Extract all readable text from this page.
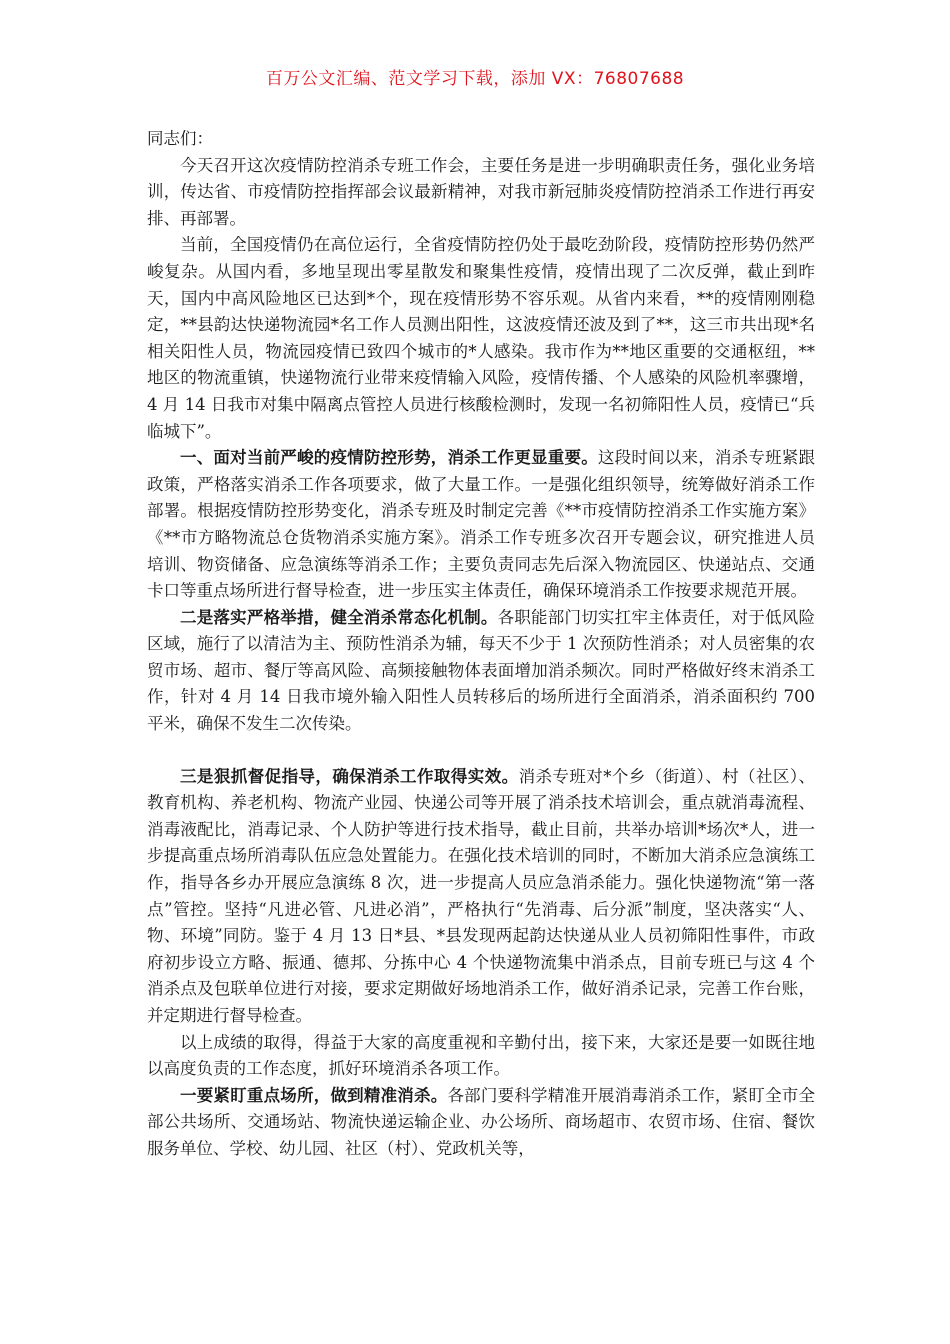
百万公文汇编、范文学习下载，添加 VX：76807688

同志们：

今天召开这次疫情防控消杀专班工作会，主要任务是进一步明确职责任务，强化业务培训，传达省、市疫情防控指挥部会议最新精神，对我市新冠肺炎疫情防控消杀工作进行再安排、再部署。

当前，全国疫情仍在高位运行，全省疫情防控仍处于最吃劲阶段，疫情防控形势仍然严峻复杂。从国内看，多地呈现出零星散发和聚集性疫情，疫情出现了二次反弹，截止到昨天，国内中高风险地区已达到*个，现在疫情形势不容乐观。从省内来看，**的疫情刚刚稳定，**县韵达快递物流园*名工作人员测出阳性，这波疫情还波及到了**，这三市共出现*名相关阳性人员，物流园疫情已致四个城市的*人感染。我市作为**地区重要的交通枢纽，**地区的物流重镇，快递物流行业带来疫情输入风险，疫情传播、个人感染的风险机率骤增，4 月 14 日我市对集中隔离点管控人员进行核酸检测时，发现一名初筛阳性人员，疫情已“兵临城下”。

一、面对当前严峻的疫情防控形势，消杀工作更显重要。这段时间以来，消杀专班紧跟政策，严格落实消杀工作各项要求，做了大量工作。一是强化组织领导，统筹做好消杀工作部署。根据疫情防控形势变化，消杀专班及时制定完善《**市疫情防控消杀工作实施方案》《**市方略物流总仓货物消杀实施方案》。消杀工作专班多次召开专题会议，研究推进人员培训、物资储备、应急演练等消杀工作；主要负责同志先后深入物流园区、快递站点、交通卡口等重点场所进行督导检查，进一步压实主体责任，确保环境消杀工作按要求规范开展。

二是落实严格举措，健全消杀常态化机制。各职能部门切实扛牢主体责任，对于低风险区域，施行了以清洁为主、预防性消杀为辅，每天不少于 1 次预防性消杀；对人员密集的农贸市场、超市、餐厅等高风险、高频接触物体表面增加消杀频次。同时严格做好终末消杀工作，针对 4 月 14 日我市境外输入阳性人员转移后的场所进行全面消杀，消杀面积约 700 平米，确保不发生二次传染。

三是狠抓督促指导，确保消杀工作取得实效。消杀专班对*个乡（街道）、村（社区）、教育机构、养老机构、物流产业园、快递公司等开展了消杀技术培训会，重点就消毒流程、消毒液配比，消毒记录、个人防护等进行技术指导，截止目前，共举办培训*场次*人，进一步提高重点场所消毒队伍应急处置能力。在强化技术培训的同时，不断加大消杀应急演练工作，指导各乡办开展应急演练 8 次，进一步提高人员应急消杀能力。强化快递物流“第一落点”管控。坚持“凡进必管、凡进必消”，严格执行“先消毒、后分派”制度，坚决落实“人、物、环境”同防。鉴于 4 月 13 日*县、*县发现两起韵达快递从业人员初筛阳性事件，市政府初步设立方略、振通、德邦、分拣中心 4 个快递物流集中消杀点，目前专班已与这 4 个消杀点及包联单位进行对接，要求定期做好场地消杀工作，做好消杀记录，完善工作台账，并定期进行督导检查。

以上成绩的取得，得益于大家的高度重视和辛勤付出，接下来，大家还是要一如既往地以高度负责的工作态度，抓好环境消杀各项工作。

一要紧盯重点场所，做到精准消杀。各部门要科学精准开展消毒消杀工作，紧盯全市全部公共场所、交通场站、物流快递运输企业、办公场所、商场超市、农贸市场、住宿、餐饮服务单位、学校、幼儿园、社区（村）、党政机关等，
